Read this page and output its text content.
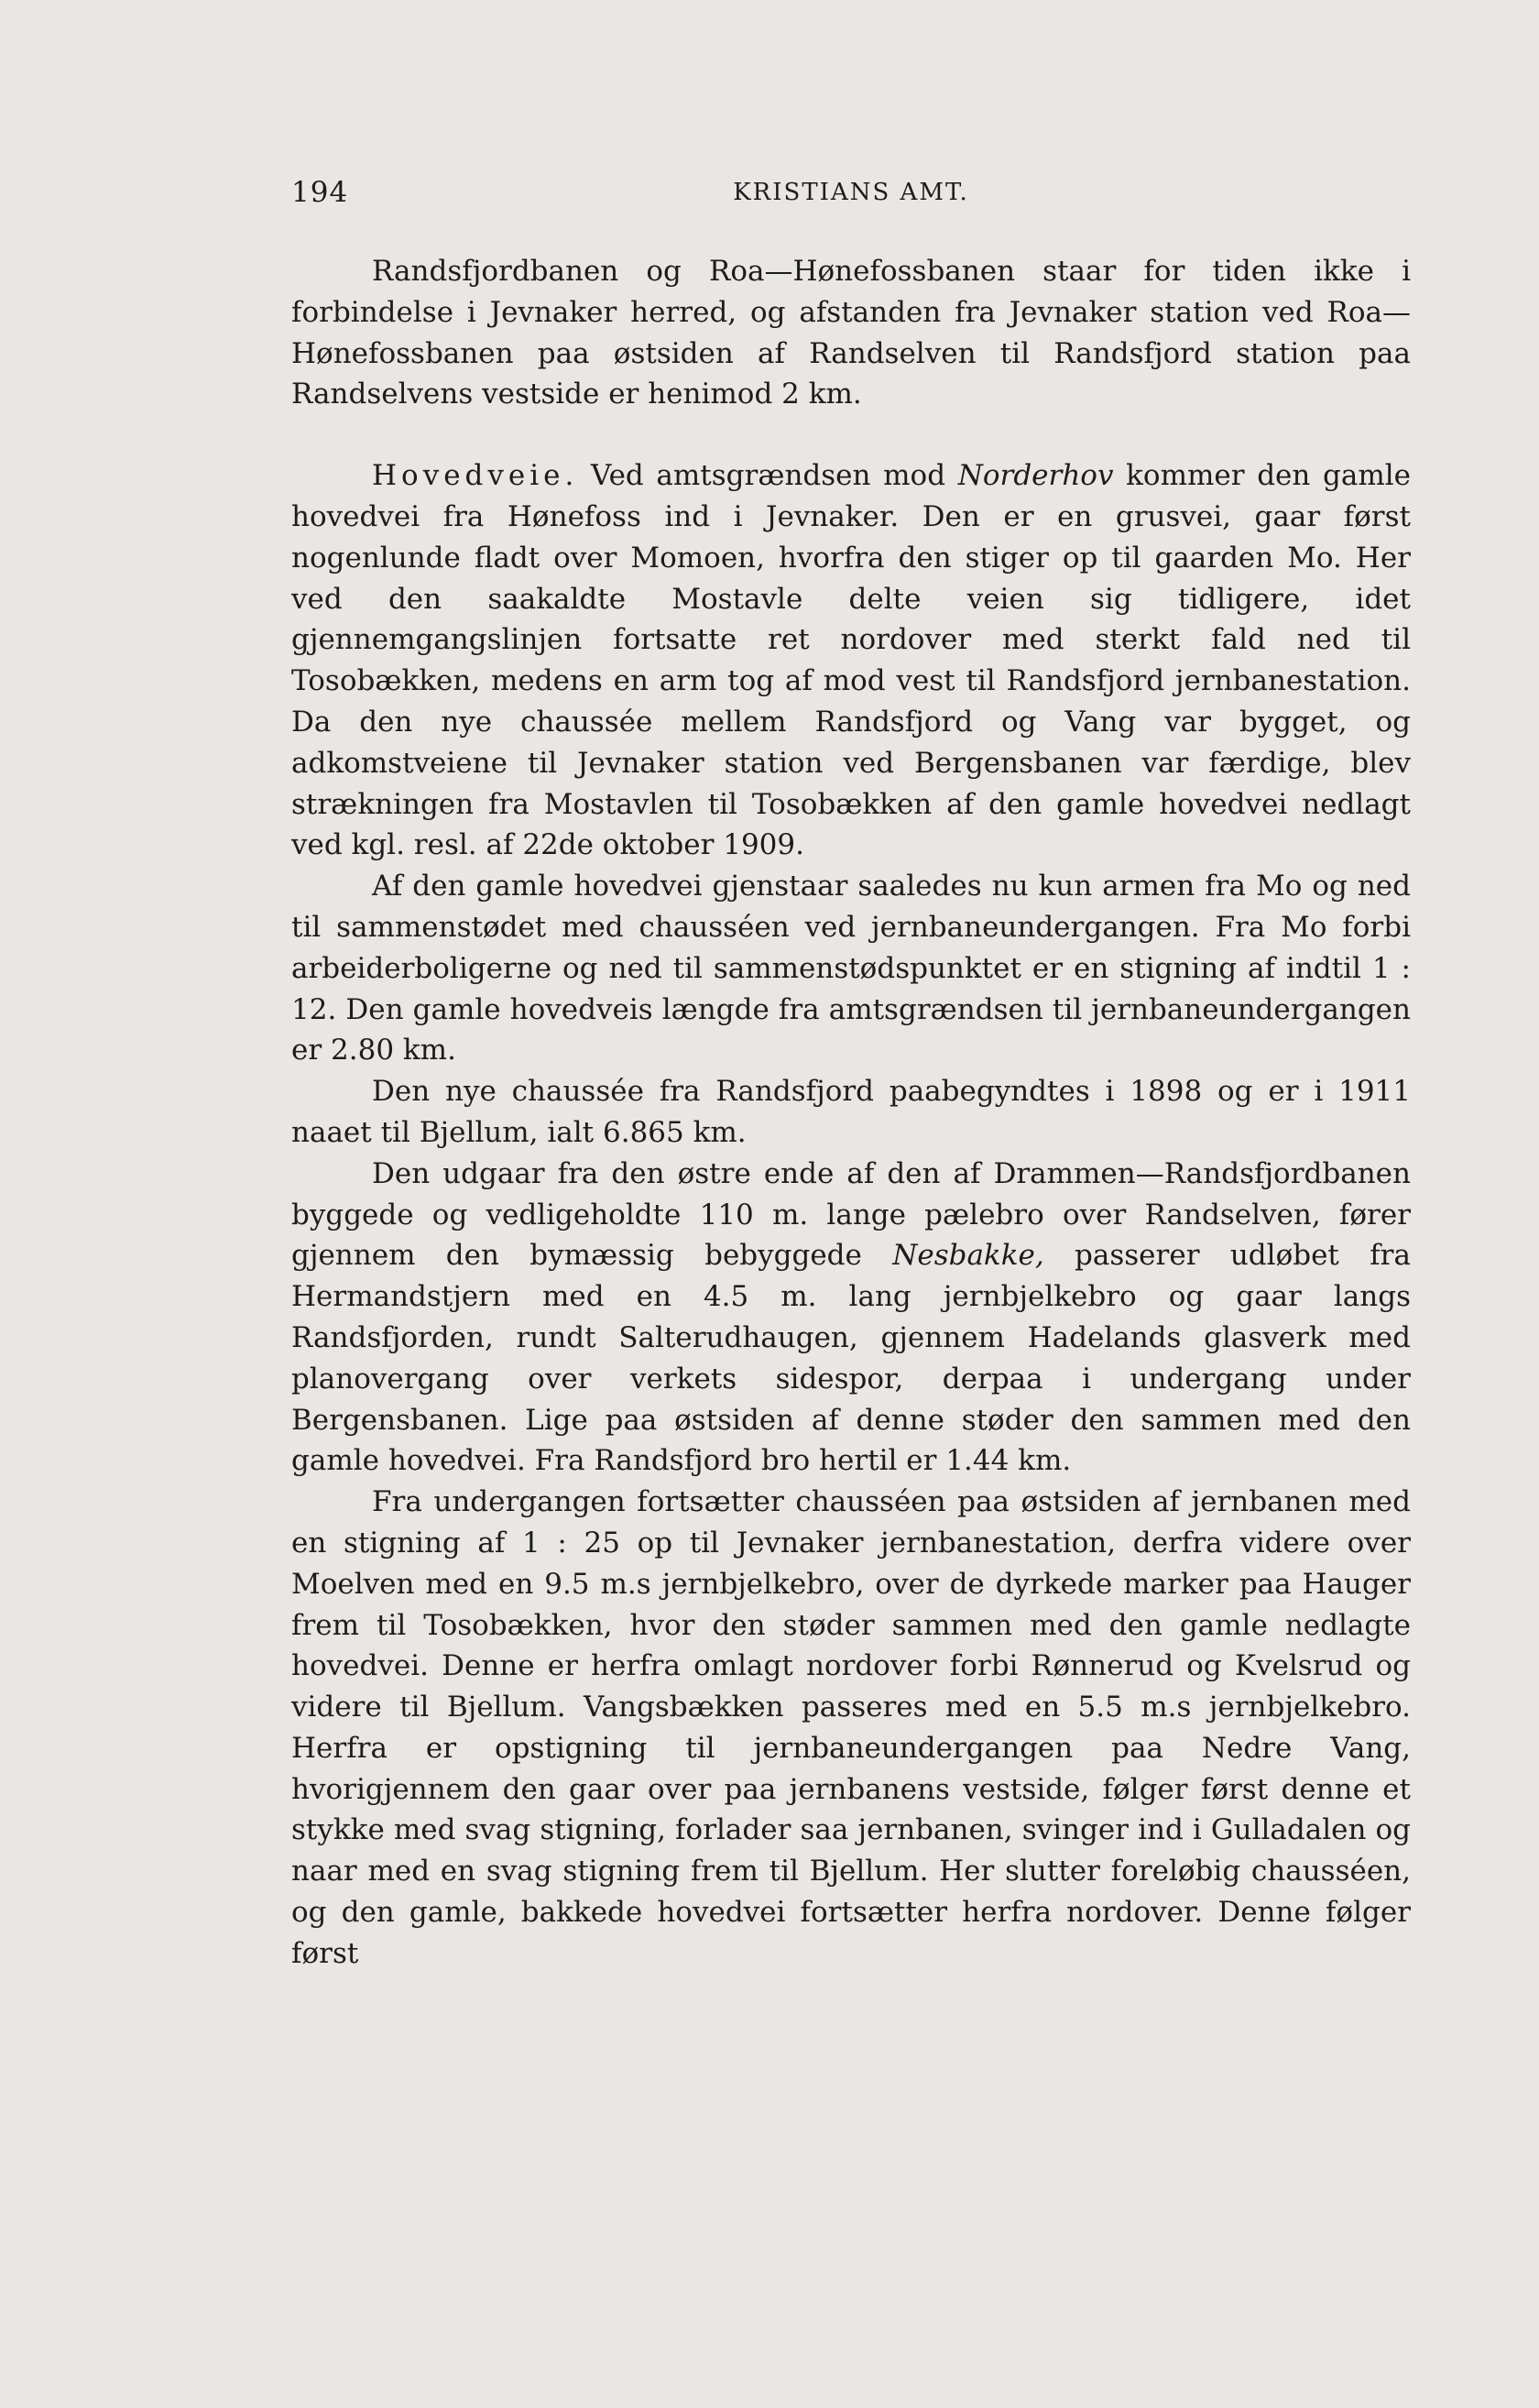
194	KRISTIANS AMT.

Randsfjordbanen og Roa—Hønefossbanen staar for tiden ikke i forbindelse i Jevnaker herred, og afstanden fra Jevnaker station ved Roa—Hønefossbanen paa østsiden af Randselven til Randsfjord station paa Randselvens vestside er henimod 2 km.

Hovedveie. Ved amtsgrændsen mod Norderhov kommer den gamle hovedvei fra Hønefoss ind i Jevnaker. Den er en grusvei, gaar først nogenlunde fladt over Momoen, hvorfra den stiger op til gaarden Mo. Her ved den saakaldte Mostavle delte veien sig tidligere, idet gjennemgangslinjen fortsatte ret nordover med sterkt fald ned til Tosobækken, medens en arm tog af mod vest til Randsfjord jernbanestation. Da den nye chaussée mellem Randsfjord og Vang var bygget, og adkomstveiene til Jevnaker station ved Bergensbanen var færdige, blev strækningen fra Mostavlen til Tosobækken af den gamle hovedvei nedlagt ved kgl. resl. af 22de oktober 1909.

Af den gamle hovedvei gjenstaar saaledes nu kun armen fra Mo og ned til sammenstødet med chausséen ved jernbaneundergangen. Fra Mo forbi arbeiderboligerne og ned til sammenstødspunktet er en stigning af indtil 1 : 12. Den gamle hovedveis længde fra amtsgrændsen til jernbaneundergangen er 2.80 km.

Den nye chaussée fra Randsfjord paabegyndtes i 1898 og er i 1911 naaet til Bjellum, ialt 6.865 km.

Den udgaar fra den østre ende af den af Drammen—Randsfjordbanen byggede og vedligeholdte 110 m. lange pælebro over Randselven, fører gjennem den bymæssig bebyggede Nesbakke, passerer udløbet fra Hermandstjern med en 4.5 m. lang jernbjelkebro og gaar langs Randsfjorden, rundt Salterudhaugen, gjennem Hadelands glasverk med planovergang over verkets sidespor, derpaa i undergang under Bergensbanen. Lige paa østsiden af denne støder den sammen med den gamle hovedvei. Fra Randsfjord bro hertil er 1.44 km.

Fra undergangen fortsætter chausséen paa østsiden af jernbanen med en stigning af 1 : 25 op til Jevnaker jernbanestation, derfra videre over Moelven med en 9.5 m.s jernbjelkebro, over de dyrkede marker paa Hauger frem til Tosobækken, hvor den støder sammen med den gamle nedlagte hovedvei. Denne er herfra omlagt nordover forbi Rønnerud og Kvelsrud og videre til Bjellum. Vangsbækken passeres med en 5.5 m.s jernbjelkebro. Herfra er opstigning til jernbaneundergangen paa Nedre Vang, hvorigjennem den gaar over paa jernbanens vestside, følger først denne et stykke med svag stigning, forlader saa jernbanen, svinger ind i Gulladalen og naar med en svag stigning frem til Bjellum. Her slutter foreløbig chausséen, og den gamle, bakkede hovedvei fortsætter herfra nordover. Denne følger først
